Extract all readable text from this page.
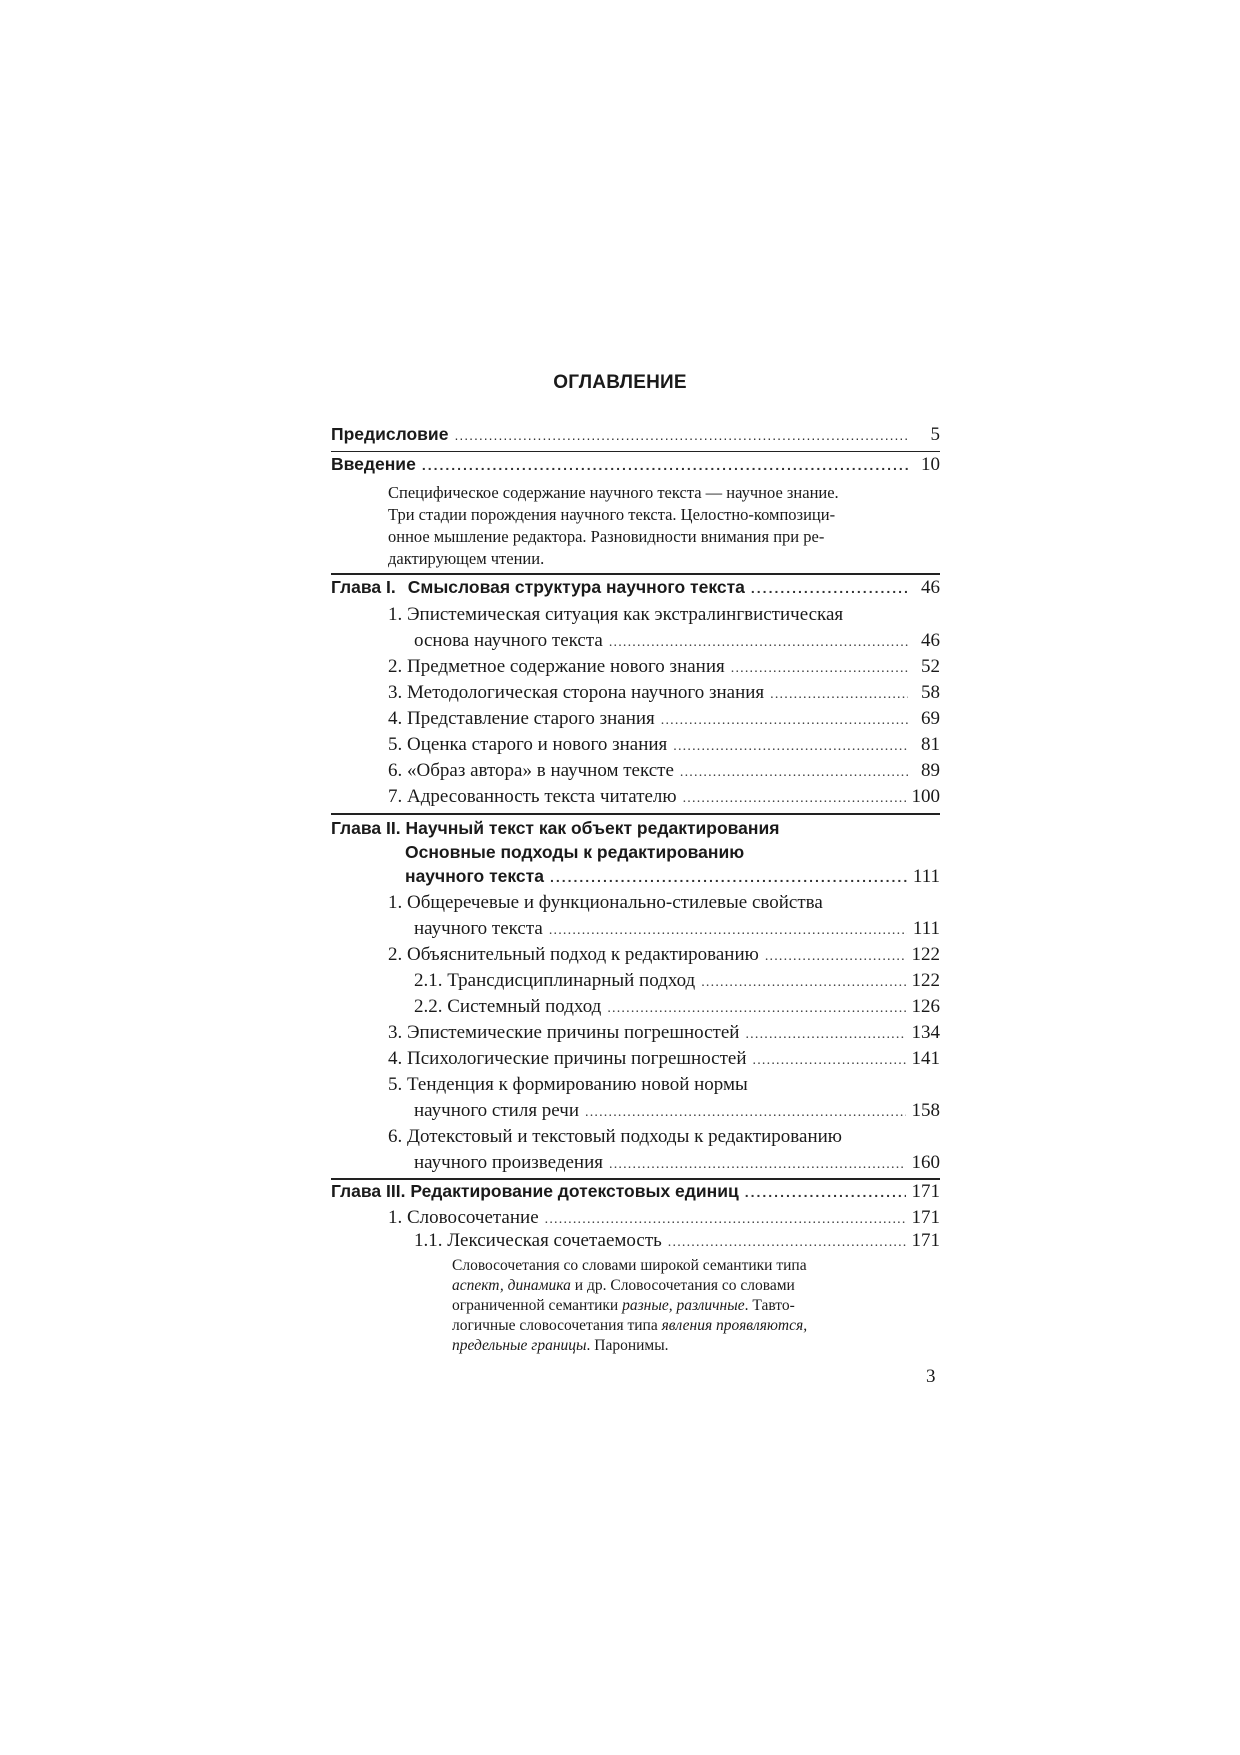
ОГЛАВЛЕНИЕ
Предисловие .....	5
Введение .....	10

Специфическое содержание научного текста — научное знание.

Три стадии порождения научного текста. Целостно-композици-

онное мышление редактора. Разновидности внимания при ре-

дактирующем чтении.

Глава I. Смысловая структура научного текста .....	46
1. Эпистемическая ситуация как экстралингвистическая
основа научного текста .....	46
2. Предметное содержание нового знания .....	52
3. Методологическая сторона научного знания .....	58
4. Представление старого знания .....	69
5. Оценка старого и нового знания .....	81
6. «Образ автора» в научном тексте .....	89
7. Адресованность текста читателю .....	100
Глава II. Научный текст как объект редактирования
Основные подходы к редактированию
научного текста .....	111
1. Общеречевые и функционально-стилевые свойства
научного текста .....	111
2. Объяснительный подход к редактированию .....	122
2.1. Трансдисциплинарный подход .....	122
2.2. Системный подход .....	126
3. Эпистемические причины погрешностей .....	134
4. Психологические причины погрешностей .....	141
5. Тенденция к формированию новой нормы
научного стиля речи .....	158
6. Дотекстовый и текстовый подходы к редактированию
научного произведения .....	160
Глава III. Редактирование дотекстовых единиц .....	171
1. Словосочетание .....	171
1.1. Лексическая сочетаемость .....	171

Словосочетания со словами широкой семантики типа

аспект, динамика и др. Словосочетания со словами

ограниченной семантики разные, различные. Тавто-

логичные словосочетания типа явления проявляются,

предельные границы. Паронимы.

3
